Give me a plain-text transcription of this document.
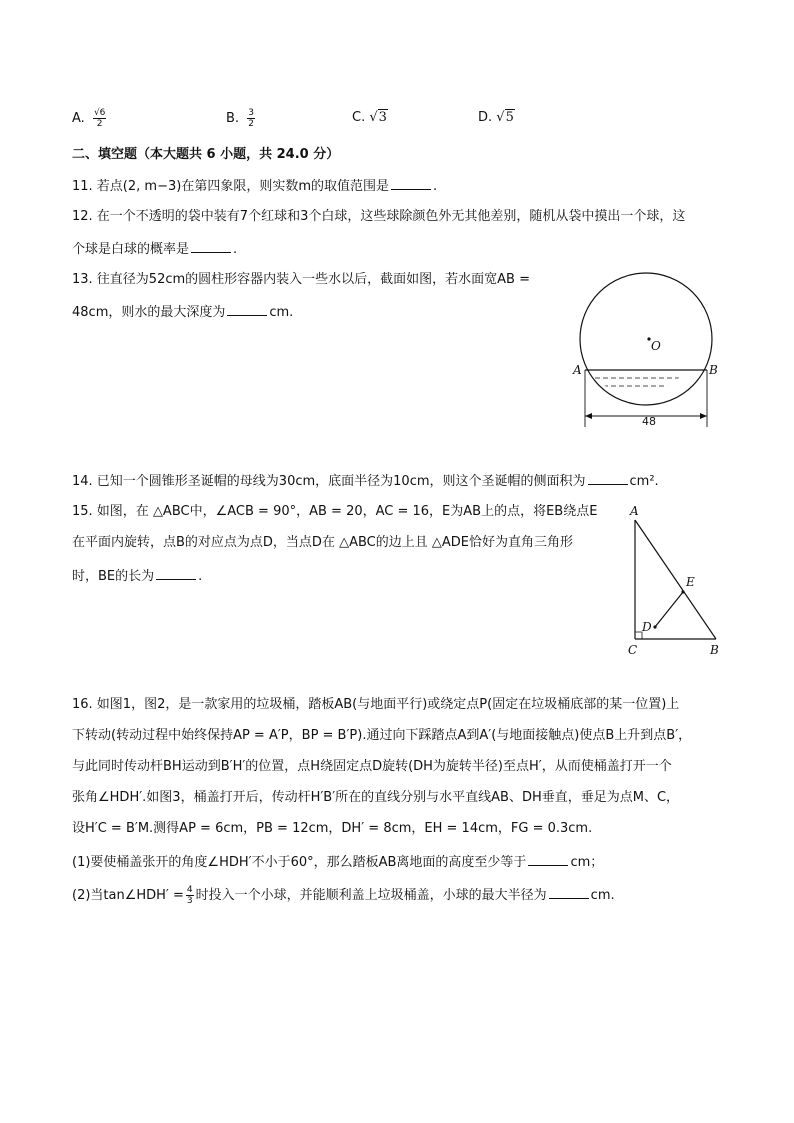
A. $\frac{√6}{2}$	B. $\frac{3}{2}$	C. √3	D. √5
二、填空题（本大题共 6 小题，共 24.0 分）
11. 若点(2, m−3)在第四象限，则实数m的取值范围是	.
12. 在一个不透明的袋中装有7个红球和3个白球，这些球除颜色外无其他差别，随机从袋中摸出一个球，这
个球是白球的概率是	.
13. 往直径为52cm的圆柱形容器内装入一些水以后，截面如图，若水面宽AB =
48cm，则水的最大深度为	cm.
O
A	B
48
14. 已知一个圆锥形圣诞帽的母线为30cm，底面半径为10cm，则这个圣诞帽的侧面积为	cm².
15. 如图，在 △ABC中，∠ACB = 90°，AB = 20，AC = 16，E为AB上的点，将EB绕点E
在平面内旋转，点B的对应点为点D，当点D在 △ABC的边上且 △ADE恰好为直角三角形
时，BE的长为	.
A
E
D
C	B
16. 如图1，图2，是一款家用的垃圾桶，踏板AB(与地面平行)或绕定点P(固定在垃圾桶底部的某一位置)上
下转动(转动过程中始终保持AP = A′P，BP = B′P).通过向下踩踏点A到A′(与地面接触点)使点B上升到点B′，
与此同时传动杆BH运动到B′H′的位置，点H绕固定点D旋转(DH为旋转半径)至点H′，从而使桶盖打开一个
张角∠HDH′.如图3，桶盖打开后，传动杆H′B′所在的直线分别与水平直线AB、DH垂直，垂足为点M、C，
设H′C = B′M.测得AP = 6cm，PB = 12cm，DH′ = 8cm，EH = 14cm，FG = 0.3cm.
(1)要使桶盖张开的角度∠HDH′不小于60°，那么踏板AB离地面的高度至少等于	cm；
(2)当tan∠HDH′ = $\frac{4}{3}$ 时投入一个小球，并能顺利盖上垃圾桶盖，小球的最大半径为	cm.
